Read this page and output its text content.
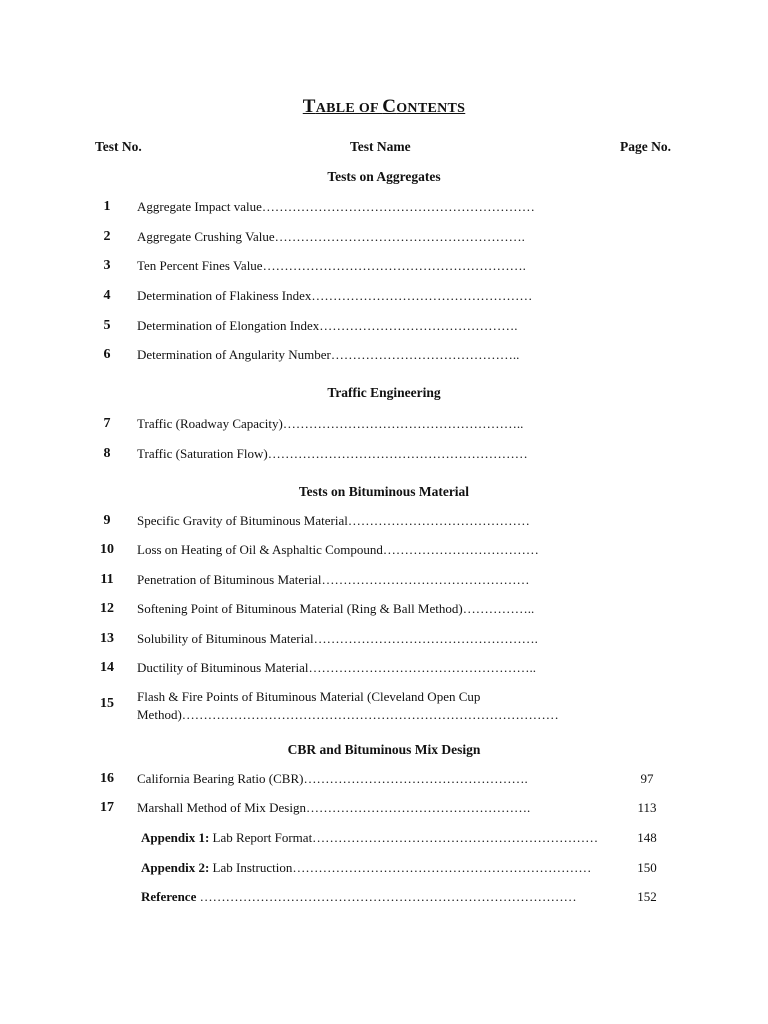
TABLE OF CONTENTS
Test No.	Test Name	Page No.
Tests on Aggregates
1	Aggregate Impact value………………………………………………………
2	Aggregate Crushing Value………………………………………………….
3	Ten Percent Fines Value…………………………………………………….
4	Determination of Flakiness Index……………………………………………
5	Determination of Elongation Index……………………………………….
6	Determination of Angularity Number……………………………………..
Traffic Engineering
7	Traffic (Roadway Capacity)………………………………………………..
8	Traffic (Saturation Flow)……………………………………………………
Tests on Bituminous Material
9	Specific Gravity of Bituminous Material……………………………………
10	Loss on Heating of Oil & Asphaltic Compound………………………………
11	Penetration of Bituminous Material…………………………………………
12	Softening Point of Bituminous Material (Ring & Ball Method)……………..
13	Solubility of Bituminous Material…………………………………………….
14	Ductility of Bituminous Material……………………………………………..
15	Flash & Fire Points of Bituminous Material (Cleveland Open Cup Method)……………………………………………………………………………
CBR and Bituminous Mix Design
16	California Bearing Ratio (CBR)…………………………………………….	97
17	Marshall Method of Mix Design…………………………………………….	113
Appendix 1: Lab Report Format…………………………………………………………	148
Appendix 2: Lab Instruction……………………………………………………………	150
Reference ……………………………………………………………………………	152
